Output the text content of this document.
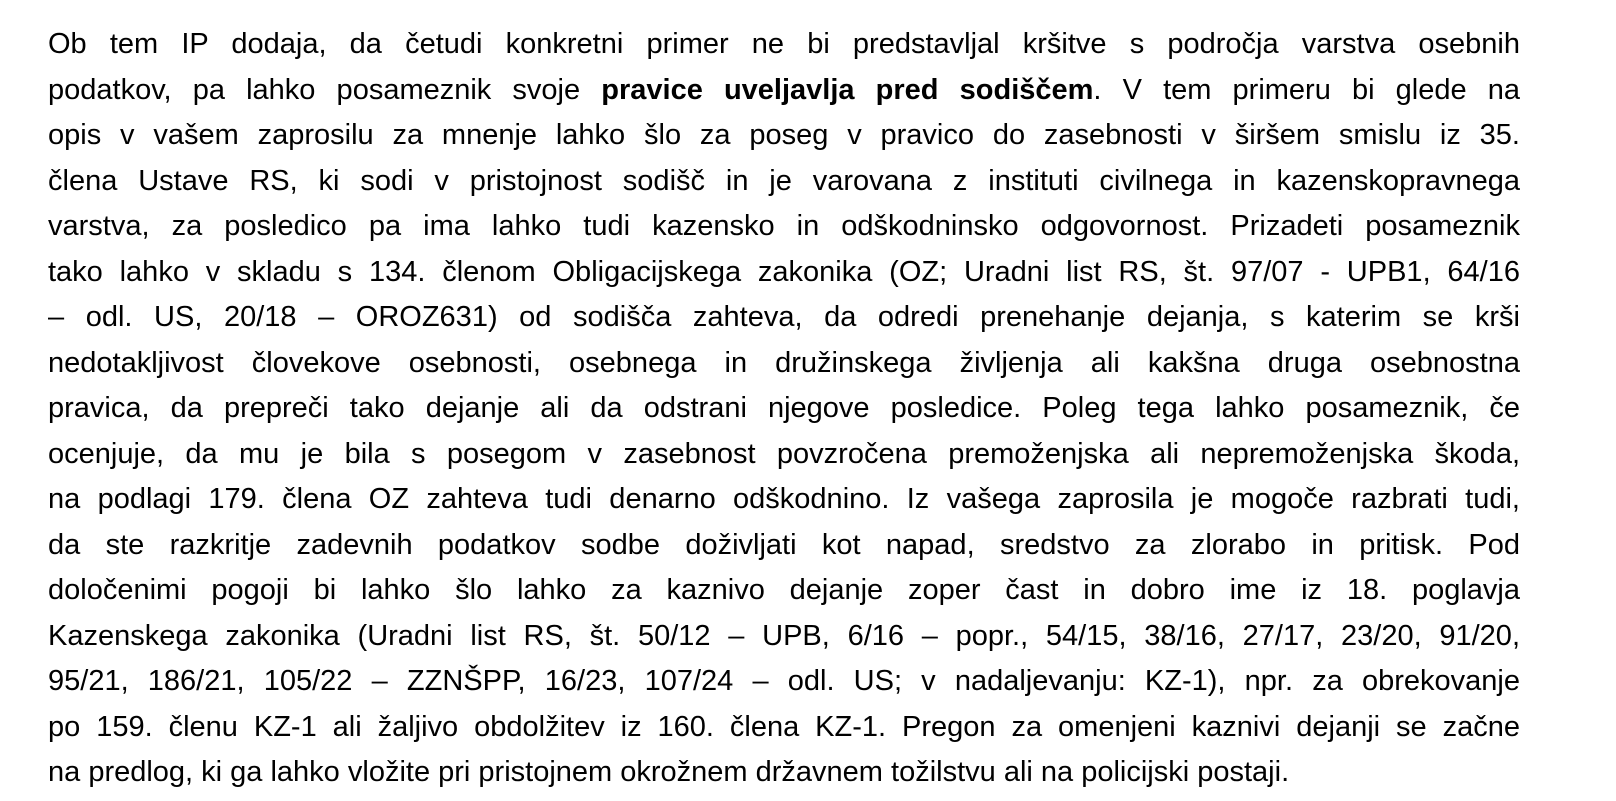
Ob tem IP dodaja, da četudi konkretni primer ne bi predstavljal kršitve s področja varstva osebnih
podatkov, pa lahko posameznik svoje pravice uveljavlja pred sodiščem. V tem primeru bi glede na
opis v vašem zaprosilu za mnenje lahko šlo za poseg v pravico do zasebnosti v širšem smislu iz 35.
člena Ustave RS, ki sodi v pristojnost sodišč in je varovana z instituti civilnega in kazenskopravnega
varstva, za posledico pa ima lahko tudi kazensko in odškodninsko odgovornost. Prizadeti posameznik
tako lahko v skladu s 134. členom Obligacijskega zakonika (OZ; Uradni list RS, št. 97/07 - UPB1, 64/16
– odl. US, 20/18 – OROZ631) od sodišča zahteva, da odredi prenehanje dejanja, s katerim se krši
nedotakljivost človekove osebnosti, osebnega in družinskega življenja ali kakšna druga osebnostna
pravica, da prepreči tako dejanje ali da odstrani njegove posledice. Poleg tega lahko posameznik, če
ocenjuje, da mu je bila s posegom v zasebnost povzročena premoženjska ali nepremoženjska škoda,
na podlagi 179. člena OZ zahteva tudi denarno odškodnino. Iz vašega zaprosila je mogoče razbrati tudi,
da ste razkritje zadevnih podatkov sodbe doživljati kot napad, sredstvo za zlorabo in pritisk. Pod
določenimi pogoji bi lahko šlo lahko za kaznivo dejanje zoper čast in dobro ime iz 18. poglavja
Kazenskega zakonika (Uradni list RS, št. 50/12 – UPB, 6/16 – popr., 54/15, 38/16, 27/17, 23/20, 91/20,
95/21, 186/21, 105/22 – ZZNŠPP, 16/23, 107/24 – odl. US; v nadaljevanju: KZ-1), npr. za obrekovanje
po 159. členu KZ-1 ali žaljivo obdolžitev iz 160. člena KZ-1. Pregon za omenjeni kaznivi dejanji se začne
na predlog, ki ga lahko vložite pri pristojnem okrožnem državnem tožilstvu ali na policijski postaji.
